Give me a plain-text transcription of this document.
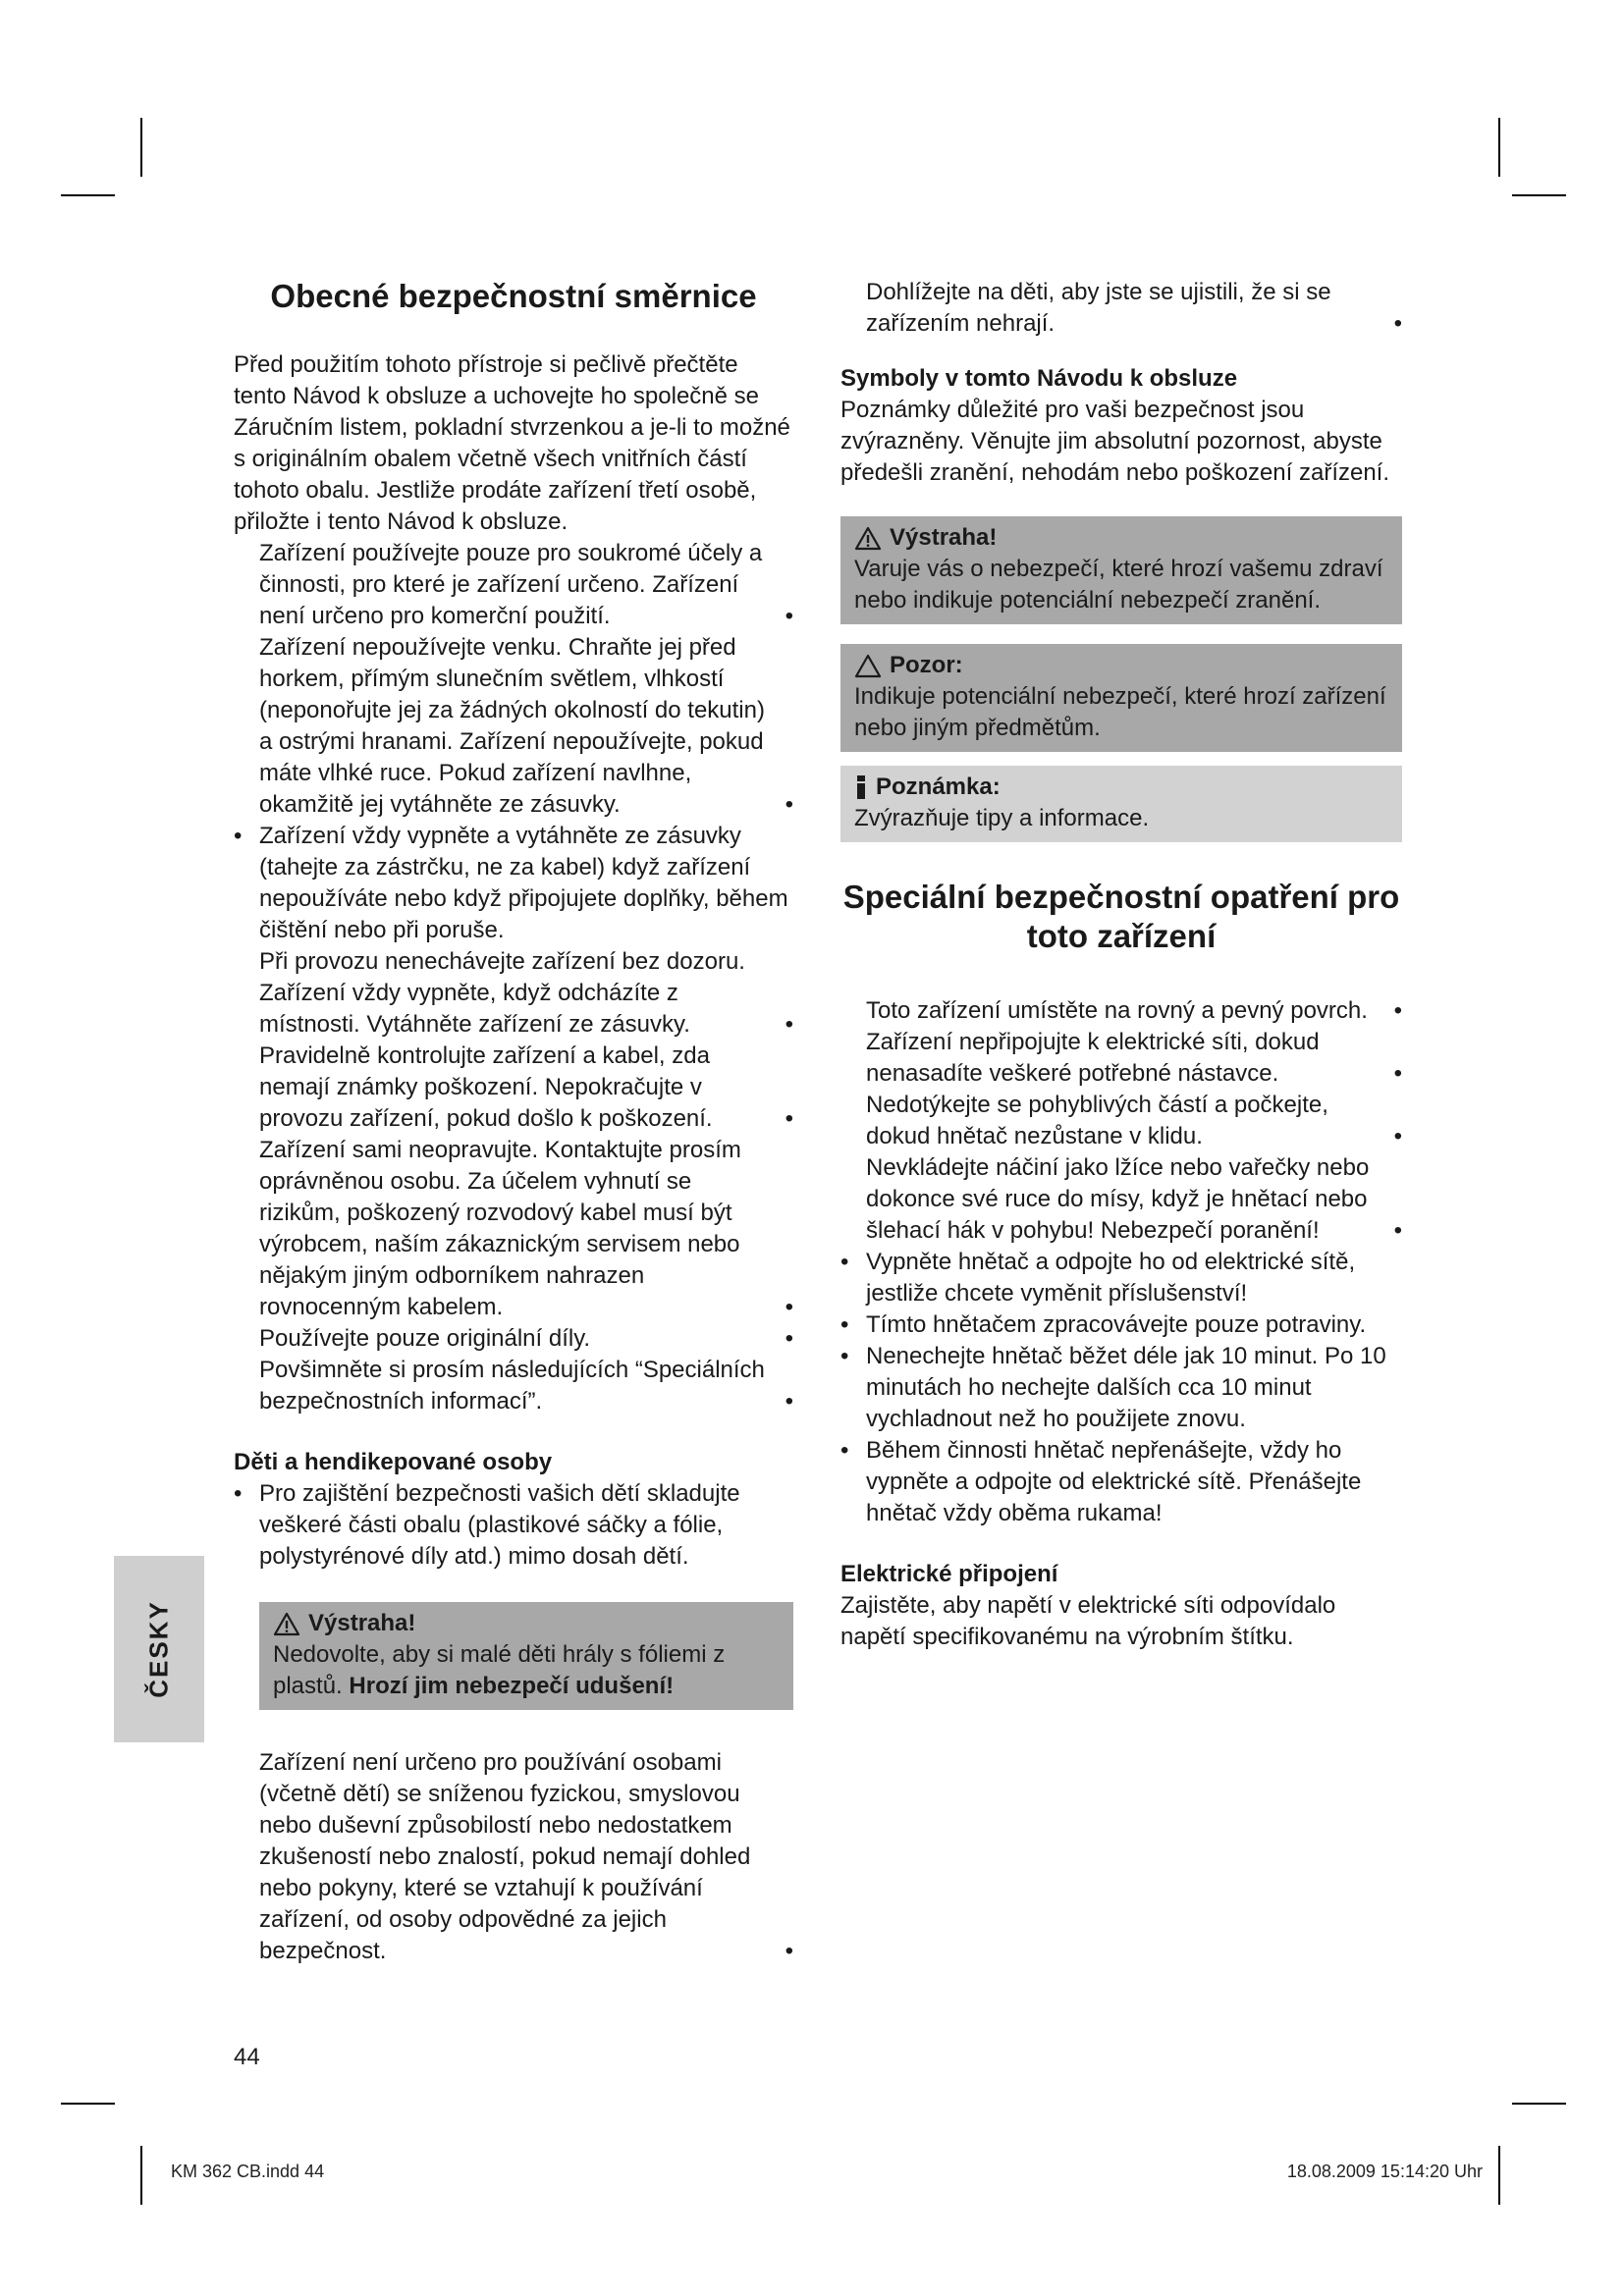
Obecné bezpečnostní směrnice

Před použitím tohoto přístroje si pečlivě přečtěte tento Návod k obsluze a uchovejte ho společně se Záručním listem, pokladní stvrzenkou a je-li to možné s originálním obalem včetně všech vnitřních částí tohoto obalu. Jestliže prodáte zařízení třetí osobě, přiložte i tento Návod k obsluze.

Zařízení používejte pouze pro soukromé účely a činnosti, pro které je zařízení určeno. Zařízení není určeno pro komerční použití.	•
Zařízení nepoužívejte venku. Chraňte jej před horkem, přímým slunečním světlem, vlhkostí (neponořujte jej za žádných okolností do tekutin) a ostrými hranami. Zařízení nepoužívejte, pokud máte vlhké ruce. Pokud zařízení navlhne, okamžitě jej vytáhněte ze zásuvky.	•
• Zařízení vždy vypněte a vytáhněte ze zásuvky (tahejte za zástrčku, ne za kabel) když zařízení nepoužíváte nebo když připojujete doplňky, během čištění nebo při poruše.
Při provozu nenechávejte zařízení bez dozoru. Zařízení vždy vypněte, když odcházíte z místnosti. Vytáhněte zařízení ze zásuvky.	•
Pravidelně kontrolujte zařízení a kabel, zda nemají známky poškození. Nepokračujte v provozu zařízení, pokud došlo k poškození.	•
Zařízení sami neopravujte. Kontaktujte prosím oprávněnou osobu. Za účelem vyhnutí se rizikům, poškozený rozvodový kabel musí být výrobcem, naším zákaznickým servisem nebo nějakým jiným odborníkem nahrazen rovnocenným kabelem.	•
Používejte pouze originální díly.	•
Povšimněte si prosím následujících “Speciálních bezpečnostních informací”.	•
Děti a hendikepované osoby
• Pro zajištění bezpečnosti vašich dětí skladujte veškeré části obalu (plastikové sáčky a fólie, polystyrénové díly atd.) mimo dosah dětí.
Výstraha!
Nedovolte, aby si malé děti hrály s fóliemi z plastů. Hrozí jim nebezpečí udušení!
Zařízení není určeno pro používání osobami (včetně dětí) se sníženou fyzickou, smyslovou nebo duševní způsobilostí nebo nedostatkem zkušeností nebo znalostí, pokud nemají dohled nebo pokyny, které se vztahují k používání zařízení, od osoby odpovědné za jejich bezpečnost.	•
Dohlížejte na děti, aby jste se ujistili, že si se zařízením nehrají.	•
Symboly v tomto Návodu k obsluze

Poznámky důležité pro vaši bezpečnost jsou zvýrazněny. Věnujte jim absolutní pozornost, abyste předešli zranění, nehodám nebo poškození zařízení.

Výstraha!
Varuje vás o nebezpečí, které hrozí vašemu zdraví nebo indikuje potenciální nebezpečí zranění.
Pozor:
Indikuje potenciální nebezpečí, které hrozí zařízení nebo jiným předmětům.
Poznámka:
Zvýrazňuje tipy a informace.
Speciální bezpečnostní opatření pro toto zařízení
Toto zařízení umístěte na rovný a pevný povrch. •
Zařízení nepřipojujte k elektrické síti, dokud nenasadíte veškeré potřebné nástavce.	•
Nedotýkejte se pohyblivých částí a počkejte, dokud hnětač nezůstane v klidu.	•
Nevkládejte náčiní jako lžíce nebo vařečky nebo dokonce své ruce do mísy, když je hnětací nebo šlehací hák v pohybu! Nebezpečí poranění!	•
• Vypněte hnětač a odpojte ho od elektrické sítě, jestliže chcete vyměnit příslušenství!
• Tímto hnětačem zpracovávejte pouze potraviny.
• Nenechejte hnětač běžet déle jak 10 minut. Po 10 minutách ho nechejte dalších cca 10 minut vychladnout než ho použijete znovu.
• Během činnosti hnětač nepřenášejte, vždy ho vypněte a odpojte od elektrické sítě. Přenášejte hnětač vždy oběma rukama!
Elektrické připojení

Zajistěte, aby napětí v elektrické síti odpovídalo napětí specifikovanému na výrobním štítku.

ČESKY
44
KM 362 CB.indd 44	18.08.2009 15:14:20 Uhr
